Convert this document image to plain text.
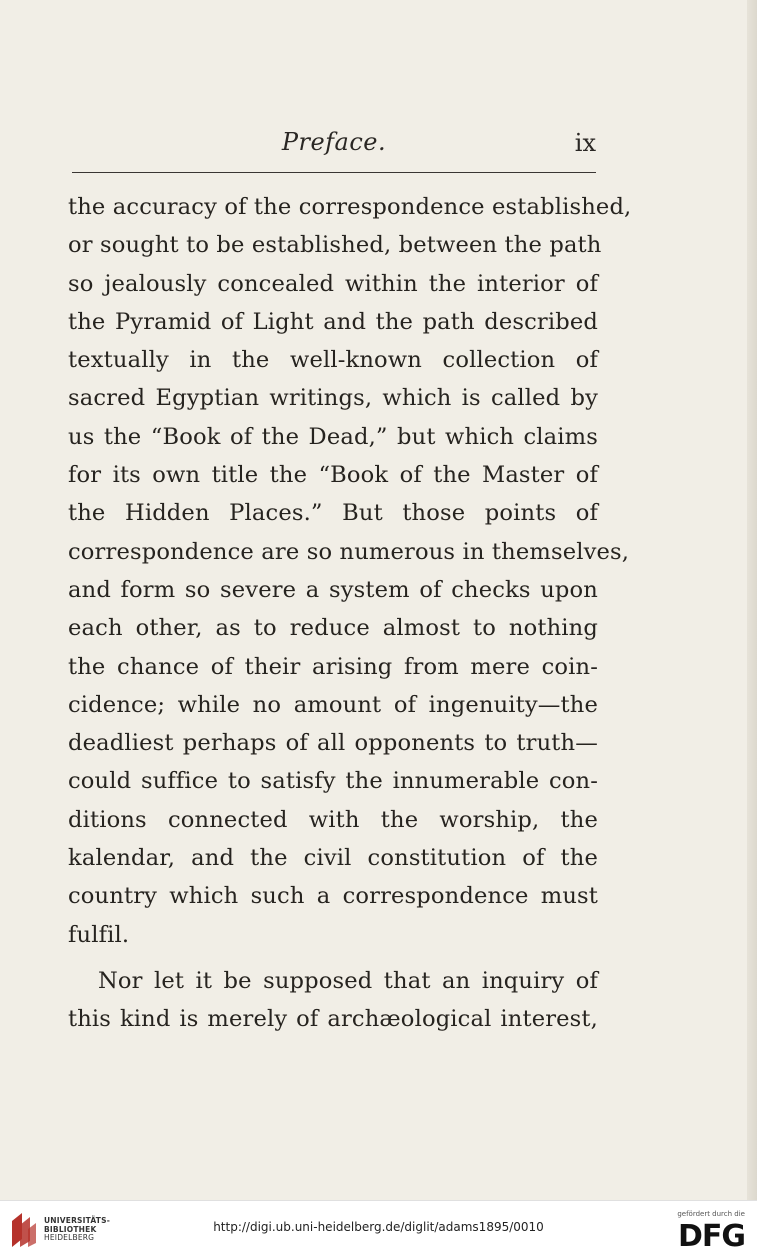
Preface.	ix
the accuracy of the correspondence established,
or sought to be established, between the path
so jealously concealed within the interior of
the Pyramid of Light and the path described
textually in the well-known collection of
sacred Egyptian writings, which is called by
us the “Book of the Dead,” but which claims
for its own title the “Book of the Master of
the Hidden Places.” But those points of
correspondence are so numerous in themselves,
and form so severe a system of checks upon
each other, as to reduce almost to nothing
the chance of their arising from mere coin-
cidence; while no amount of ingenuity—the
deadliest perhaps of all opponents to truth—
could suffice to satisfy the innumerable con-
ditions connected with the worship, the
kalendar, and the civil constitution of the
country which such a correspondence must
fulfil.
Nor let it be supposed that an inquiry of
this kind is merely of archæological interest,
UNIVERSITÄTS-
BIBLIOTHEK
HEIDELBERG
http://digi.ub.uni-heidelberg.de/diglit/adams1895/0010
gefördert durch die
DFG
